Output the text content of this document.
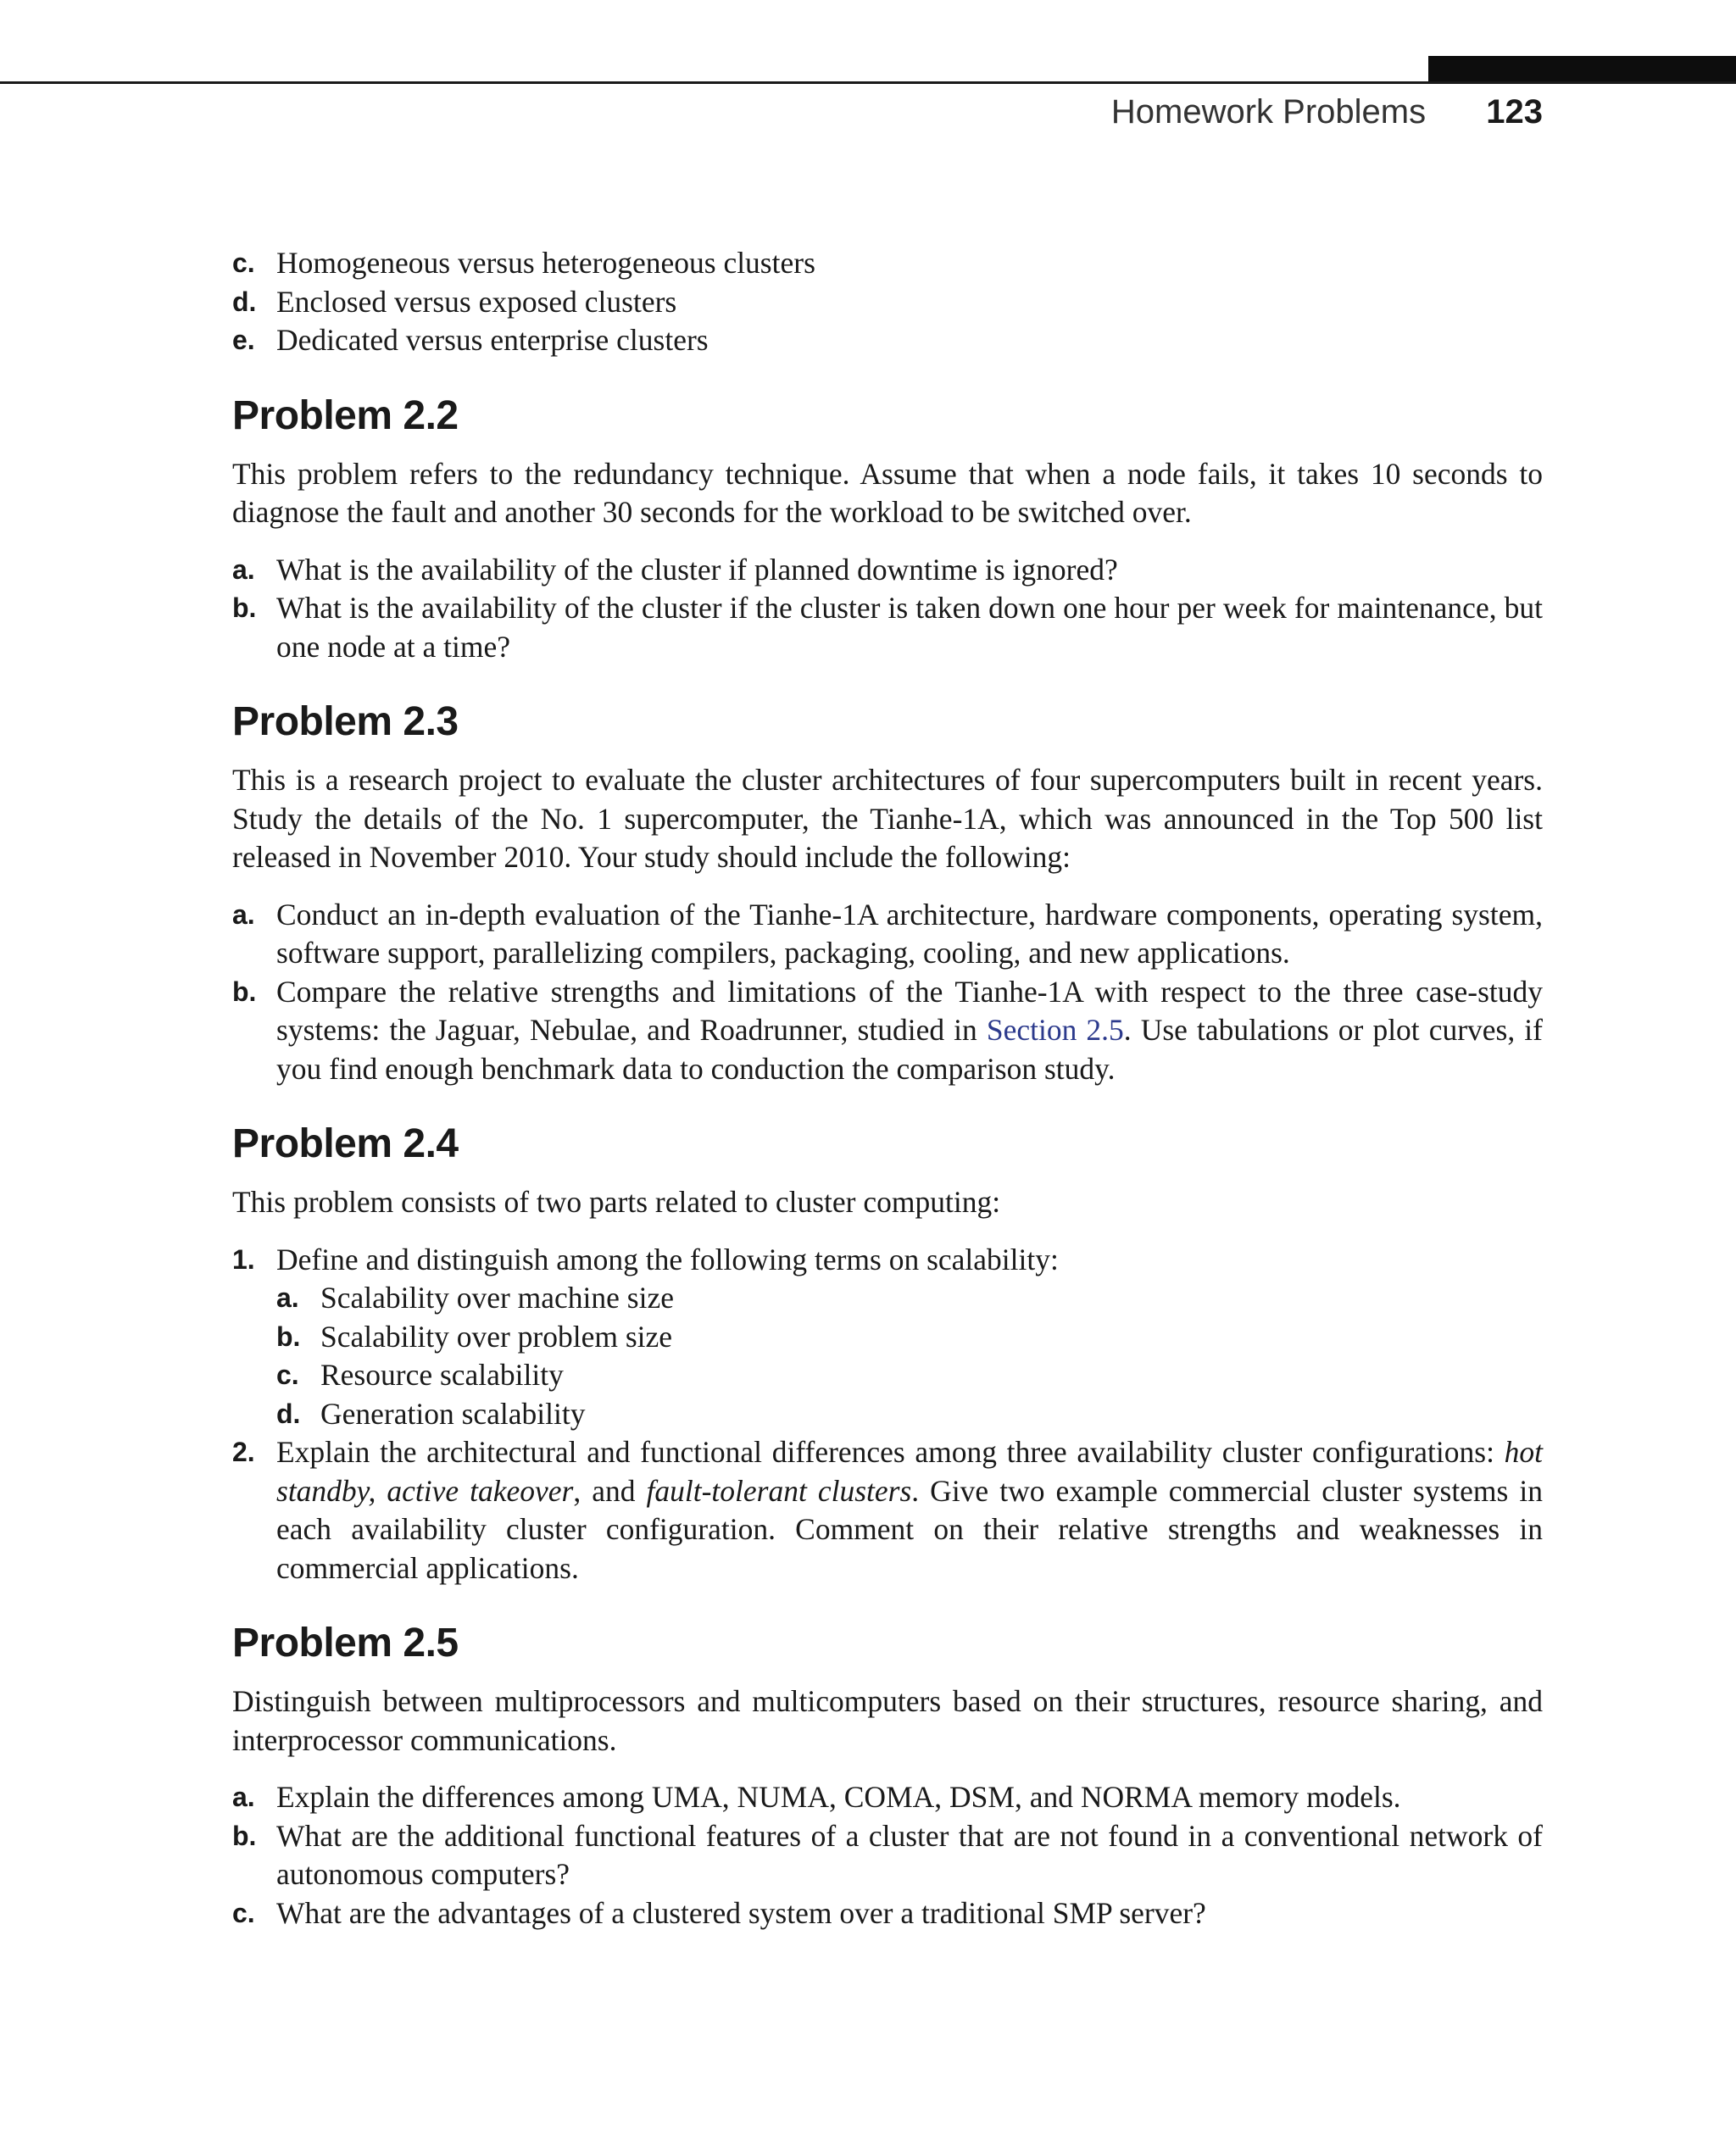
Homework Problems 123
c. Homogeneous versus heterogeneous clusters
d. Enclosed versus exposed clusters
e. Dedicated versus enterprise clusters
Problem 2.2
This problem refers to the redundancy technique. Assume that when a node fails, it takes 10 seconds to diagnose the fault and another 30 seconds for the workload to be switched over.
a. What is the availability of the cluster if planned downtime is ignored?
b. What is the availability of the cluster if the cluster is taken down one hour per week for maintenance, but one node at a time?
Problem 2.3
This is a research project to evaluate the cluster architectures of four supercomputers built in recent years. Study the details of the No. 1 supercomputer, the Tianhe-1A, which was announced in the Top 500 list released in November 2010. Your study should include the following:
a. Conduct an in-depth evaluation of the Tianhe-1A architecture, hardware components, operating system, software support, parallelizing compilers, packaging, cooling, and new applications.
b. Compare the relative strengths and limitations of the Tianhe-1A with respect to the three case-study systems: the Jaguar, Nebulae, and Roadrunner, studied in Section 2.5. Use tabulations or plot curves, if you find enough benchmark data to conduction the comparison study.
Problem 2.4
This problem consists of two parts related to cluster computing:
1. Define and distinguish among the following terms on scalability:
a. Scalability over machine size
b. Scalability over problem size
c. Resource scalability
d. Generation scalability
2. Explain the architectural and functional differences among three availability cluster configurations: hot standby, active takeover, and fault-tolerant clusters. Give two example commercial cluster systems in each availability cluster configuration. Comment on their relative strengths and weaknesses in commercial applications.
Problem 2.5
Distinguish between multiprocessors and multicomputers based on their structures, resource sharing, and interprocessor communications.
a. Explain the differences among UMA, NUMA, COMA, DSM, and NORMA memory models.
b. What are the additional functional features of a cluster that are not found in a conventional network of autonomous computers?
c. What are the advantages of a clustered system over a traditional SMP server?
